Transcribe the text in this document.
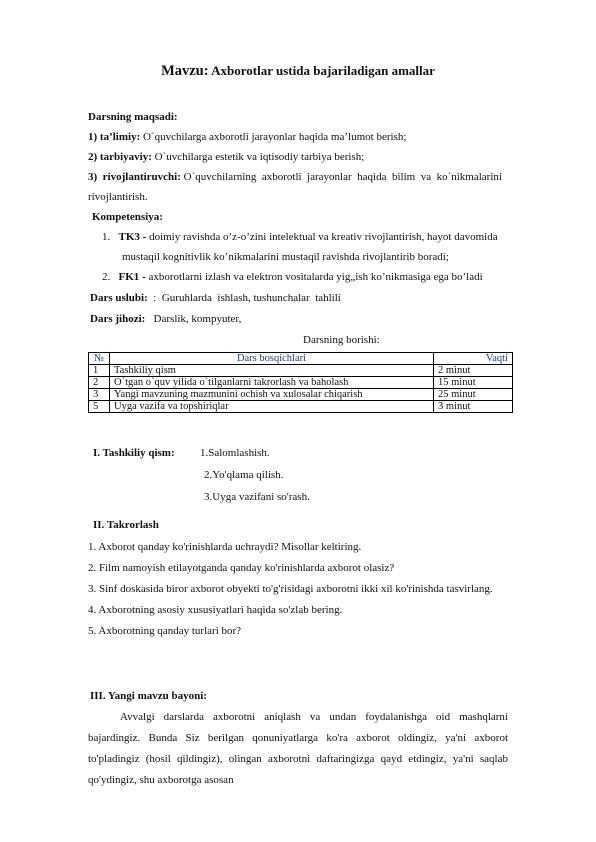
Mavzu: Axborotlar ustida bajariladigan amallar
Darsning maqsadi:
1) ta’limiy: O`quvchilarga axborotli jarayonlar haqida ma’lumot berish;
2) tarbiyaviy: O`uvchilarga estetik va iqtisodiy tarbiya berish;
3)  rivojlantiruvchi: O`quvchilarning  axborotli  jarayonlar  haqida  bilim  va  ko`nikmalarini
rivojlantirish.
Kompetensiya:
1. TK3 - doimiy ravishda o’z-o’zini intelektual va kreativ rivojlantirish, hayot davomida
mustaqil kognitivlik ko’nikmalarini mustaqil ravishda rivojlantirib boradi;
2. FK1 - axborotlarni izlash va elektron vositalarda yig„ish ko’nikmasiga ega bo’ladi
Dars uslubi:  :  Guruhlarda  ishlash, tushunchalar  tahlili
Dars jihozi:   Darslik, kompyuter,
Darsning borishi:
№	Dars bosqichlari	Vaqti
1	Tashkiliy qism	2 minut
2	O`tgan o`quv yilida o`tilganlarni takrorlash va baholash	15 minut
3	Yangi mavzuning mazmunini ochish va xulosalar chiqarish	25 minut
5	Uyga vazifa va topshiriqlar	3 minut
I. Tashkiliy qism: 1.Salomlashish.
2.Yo'qlama qilish.
3.Uyga vazifani so'rash.
II. Takrorlash
1. Axborot qanday ko'rinishlarda uchraydi? Misollar keltiring.
2. Film namoyish etilayotganda qanday ko'rinishlarda axborot olasiz?
3. Sinf doskasida biror axborot obyekti to'g'risidagi axborotni ikki xil ko'rinishda tasvirlang.
4. Axborotning asosiy xususiyatlari haqida so'zlab bering.
5. Axborotning qanday turlari bor?
III. Yangi mavzu bayoni:
Avvalgi darslarda axborotni aniqlash va undan foydalanishga oid mashqlarni bajardingiz. Bunda Siz berilgan qonuniyatlarga ko'ra axborot oldingiz, ya'ni axborot to'pladingiz (hosil qildingiz), olingan axborotni daftaringizga qayd etdingiz, ya'ni saqlab qo'ydingiz, shu axborotga asosan
